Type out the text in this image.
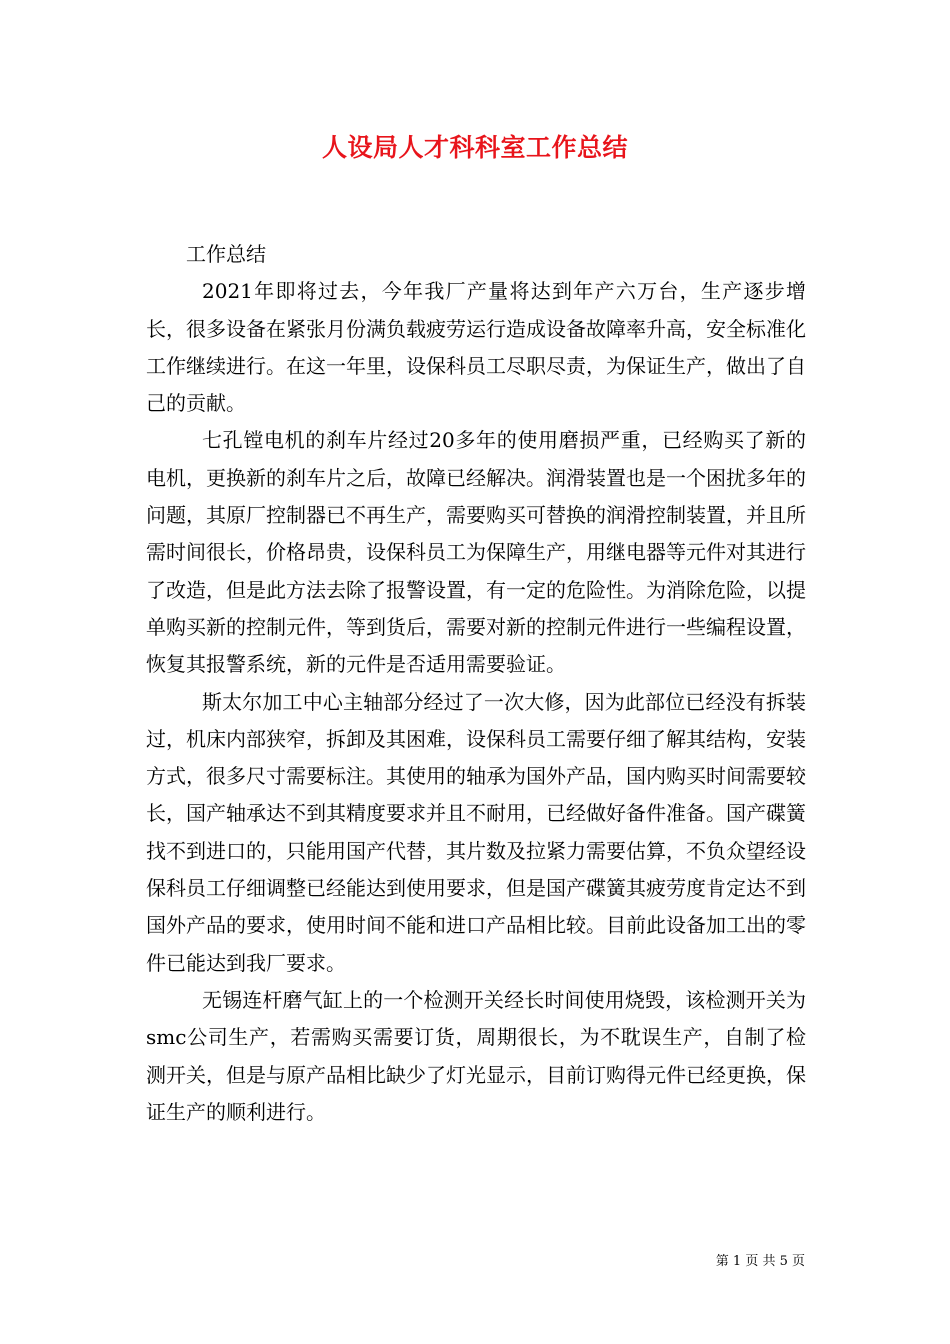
人设局人才科科室工作总结

工作总结

2021年即将过去，今年我厂产量将达到年产六万台，生产逐步增长，很多设备在紧张月份满负载疲劳运行造成设备故障率升高，安全标准化工作继续进行。在这一年里，设保科员工尽职尽责，为保证生产，做出了自己的贡献。

七孔镗电机的刹车片经过20多年的使用磨损严重，已经购买了新的电机，更换新的刹车片之后，故障已经解决。润滑装置也是一个困扰多年的问题，其原厂控制器已不再生产，需要购买可替换的润滑控制装置，并且所需时间很长，价格昂贵，设保科员工为保障生产，用继电器等元件对其进行了改造，但是此方法去除了报警设置，有一定的危险性。为消除危险，以提单购买新的控制元件，等到货后，需要对新的控制元件进行一些编程设置，恢复其报警系统，新的元件是否适用需要验证。

斯太尔加工中心主轴部分经过了一次大修，因为此部位已经没有拆装过，机床内部狭窄，拆卸及其困难，设保科员工需要仔细了解其结构，安装方式，很多尺寸需要标注。其使用的轴承为国外产品，国内购买时间需要较长，国产轴承达不到其精度要求并且不耐用，已经做好备件准备。国产碟簧找不到进口的，只能用国产代替，其片数及拉紧力需要估算，不负众望经设保科员工仔细调整已经能达到使用要求，但是国产碟簧其疲劳度肯定达不到国外产品的要求，使用时间不能和进口产品相比较。目前此设备加工出的零件已能达到我厂要求。

无锡连杆磨气缸上的一个检测开关经长时间使用烧毁，该检测开关为smc公司生产，若需购买需要订货，周期很长，为不耽误生产，自制了检测开关，但是与原产品相比缺少了灯光显示，目前订购得元件已经更换，保证生产的顺利进行。

第 1 页 共 5 页
